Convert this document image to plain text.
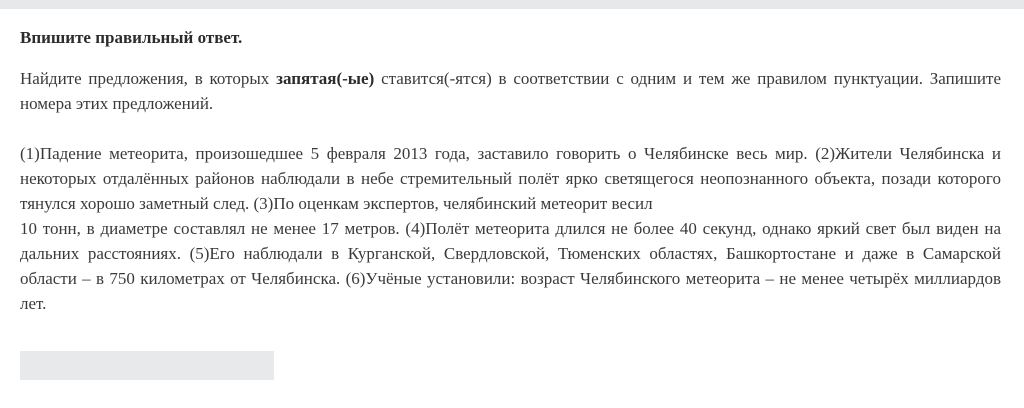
Впишите правильный ответ.

Найдите предложения, в которых запятая(-ые) ставится(-ятся) в соответствии с одним и тем же правилом пунктуации. Запишите номера этих предложений.

(1)Падение метеорита, произошедшее 5 февраля 2013 года, заставило говорить о Челябинске весь мир. (2)Жители Челябинска и некоторых отдалённых районов наблюдали в небе стремительный полёт ярко светящегося неопознанного объекта, позади которого тянулся хорошо заметный след. (3)По оценкам экспертов, челябинский метеорит весил
10 тонн, в диаметре составлял не менее 17 метров. (4)Полёт метеорита длился не более 40 секунд, однако яркий свет был виден на дальних расстояниях. (5)Его наблюдали в Курганской, Свердловской, Тюменских областях, Башкортостане и даже в Самарской области – в 750 километрах от Челябинска. (6)Учёные установили: возраст Челябинского метеорита – не менее четырёх миллиардов лет.
